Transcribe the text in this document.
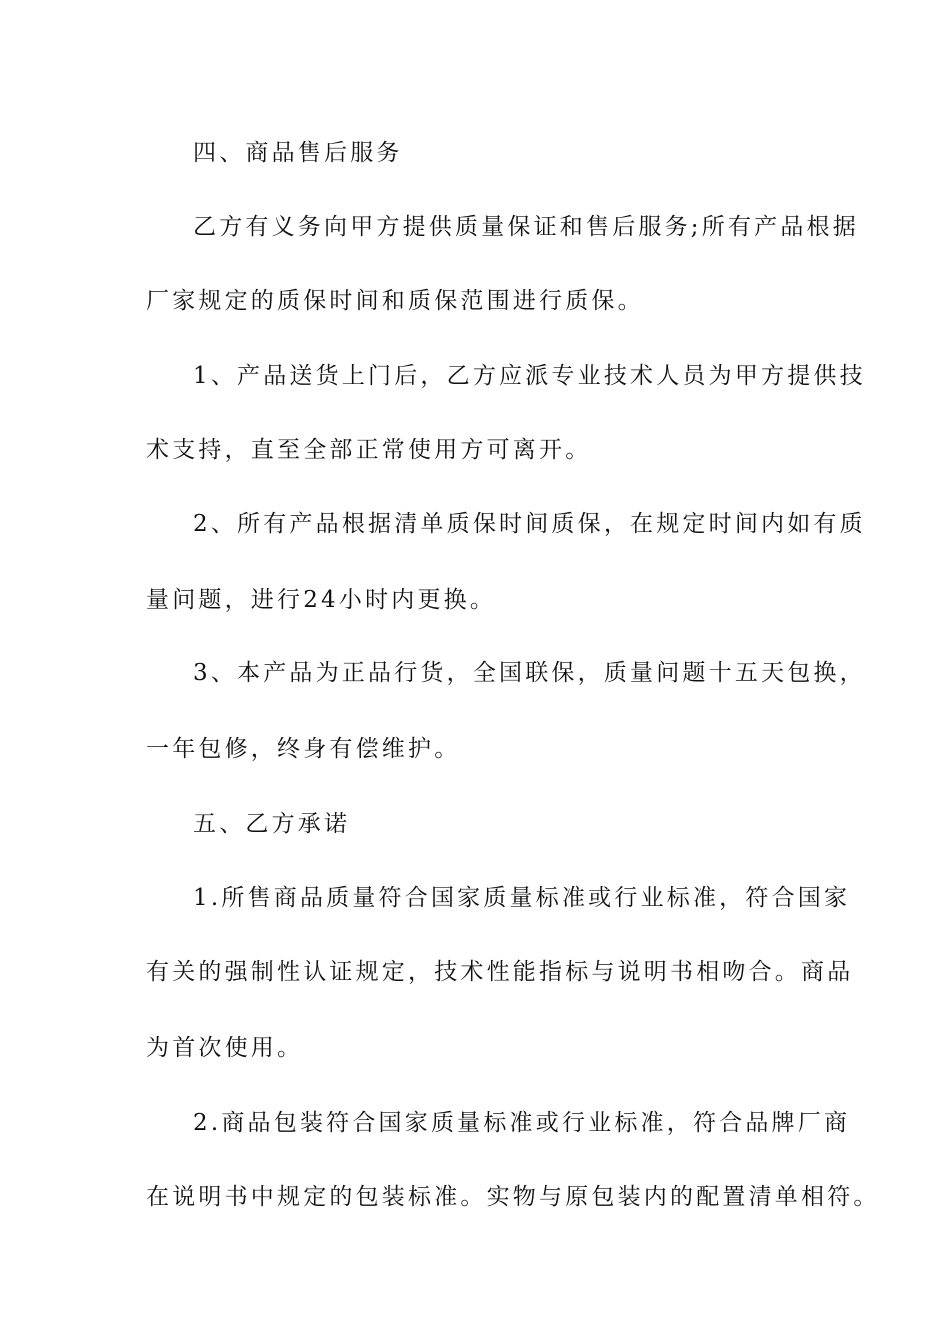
四、商品售后服务
乙方有义务向甲方提供质量保证和售后服务;所有产品根据
厂家规定的质保时间和质保范围进行质保。
1、产品送货上门后，乙方应派专业技术人员为甲方提供技
术支持，直至全部正常使用方可离开。
2、所有产品根据清单质保时间质保，在规定时间内如有质
量问题，进行24小时内更换。
3、本产品为正品行货，全国联保，质量问题十五天包换，
一年包修，终身有偿维护。
五、乙方承诺
1.所售商品质量符合国家质量标准或行业标准，符合国家
有关的强制性认证规定，技术性能指标与说明书相吻合。商品
为首次使用。
2.商品包装符合国家质量标准或行业标准，符合品牌厂商
在说明书中规定的包装标准。实物与原包装内的配置清单相符。
